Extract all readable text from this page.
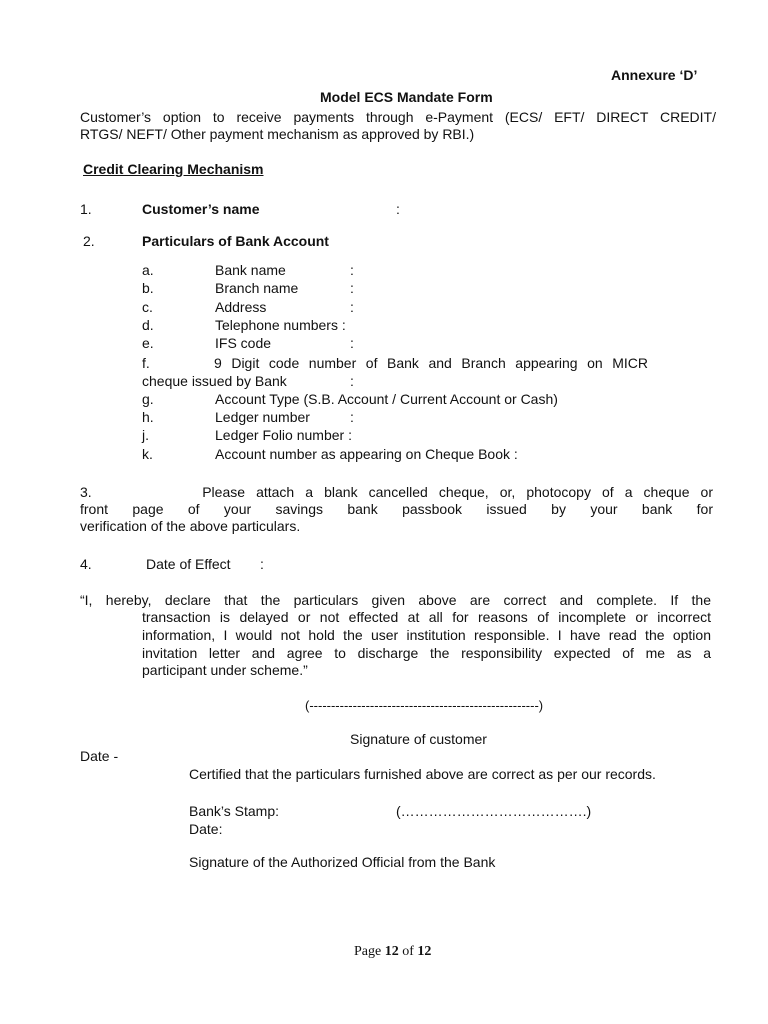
Annexure ‘D’
Model ECS Mandate Form
Customer’s option to receive payments through e-Payment (ECS/ EFT/ DIRECT CREDIT/
RTGS/ NEFT/ Other payment mechanism as approved by RBI.)
Credit Clearing Mechanism
1.	Customer’s name	:
2.	Particulars of Bank Account
a.	Bank name	:
b.	Branch name	:
c.	Address	:
d.	Telephone numbers :
e.	IFS code	:
f.	9 Digit code number of Bank and Branch appearing on MICR
cheque issued by Bank	:
g.	Account Type (S.B. Account / Current Account or Cash)
h.	Ledger number	:
j.	Ledger Folio number :
k.	Account number as appearing on Cheque Book :
3.          Please attach a blank cancelled cheque, or, photocopy of a cheque or
front page of your savings bank passbook issued by your bank for
verification of the above particulars.
4.	Date of Effect :
“I, hereby, declare that the particulars given above are correct and complete. If the
transaction is delayed or not effected at all for reasons of incomplete or incorrect
information, I would not hold the user institution responsible. I have read the option
invitation letter and agree to discharge the responsibility expected of me as a
participant under scheme.”
(-----------------------------------------------------)
Signature of customer
Date -
Certified that the particulars furnished above are correct as per our records.
Bank’s Stamp:	(………………………………….)
Date:
Signature of the Authorized Official from the Bank
Page 12 of 12
